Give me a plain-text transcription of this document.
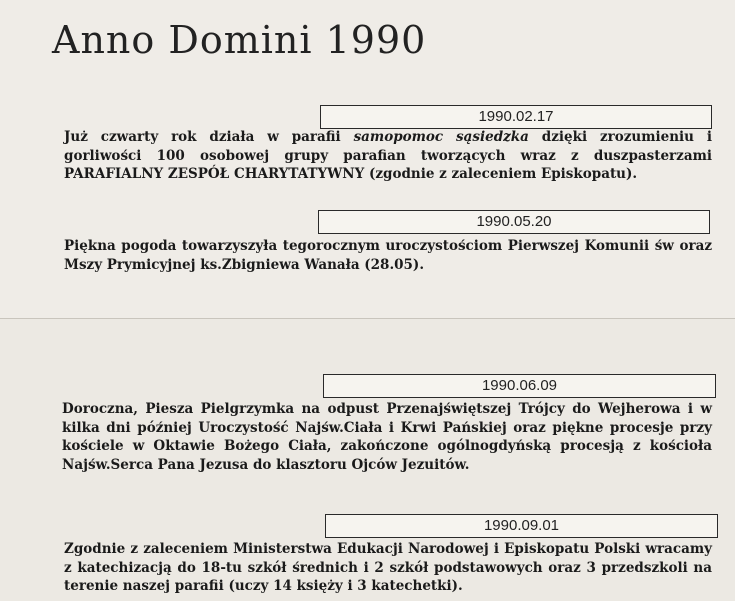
Anno Domini 1990
1990.02.17

Już czwarty rok działa w parafii samopomoc sąsiedzka dzięki zrozumieniu i gorliwości 100 osobowej grupy parafian tworzących wraz z duszpasterzami PARAFIALNY ZESPÓŁ CHARYTATYWNY (zgodnie z zaleceniem Episkopatu).

1990.05.20

Piękna pogoda towarzyszyła tegorocznym uroczystościom Pierwszej Komunii św oraz Mszy Prymicyjnej ks.Zbigniewa Wanała (28.05).

1990.06.09

Doroczna, Piesza Pielgrzymka na odpust Przenajświętszej Trójcy do Wejherowa i w kilka dni później Uroczystość Najśw.Ciała i Krwi Pańskiej oraz piękne procesje przy kościele w Oktawie Bożego Ciała, zakończone ogólnogdyńską procesją z kościoła Najśw.Serca Pana Jezusa do klasztoru Ojców Jezuitów.

1990.09.01

Zgodnie z zaleceniem Ministerstwa Edukacji Narodowej i Episkopatu Polski wracamy z katechizacją do 18-tu szkół średnich i 2 szkół podstawowych oraz 3 przedszkoli na terenie naszej parafii (uczy 14 księży i 3 katechetki).
